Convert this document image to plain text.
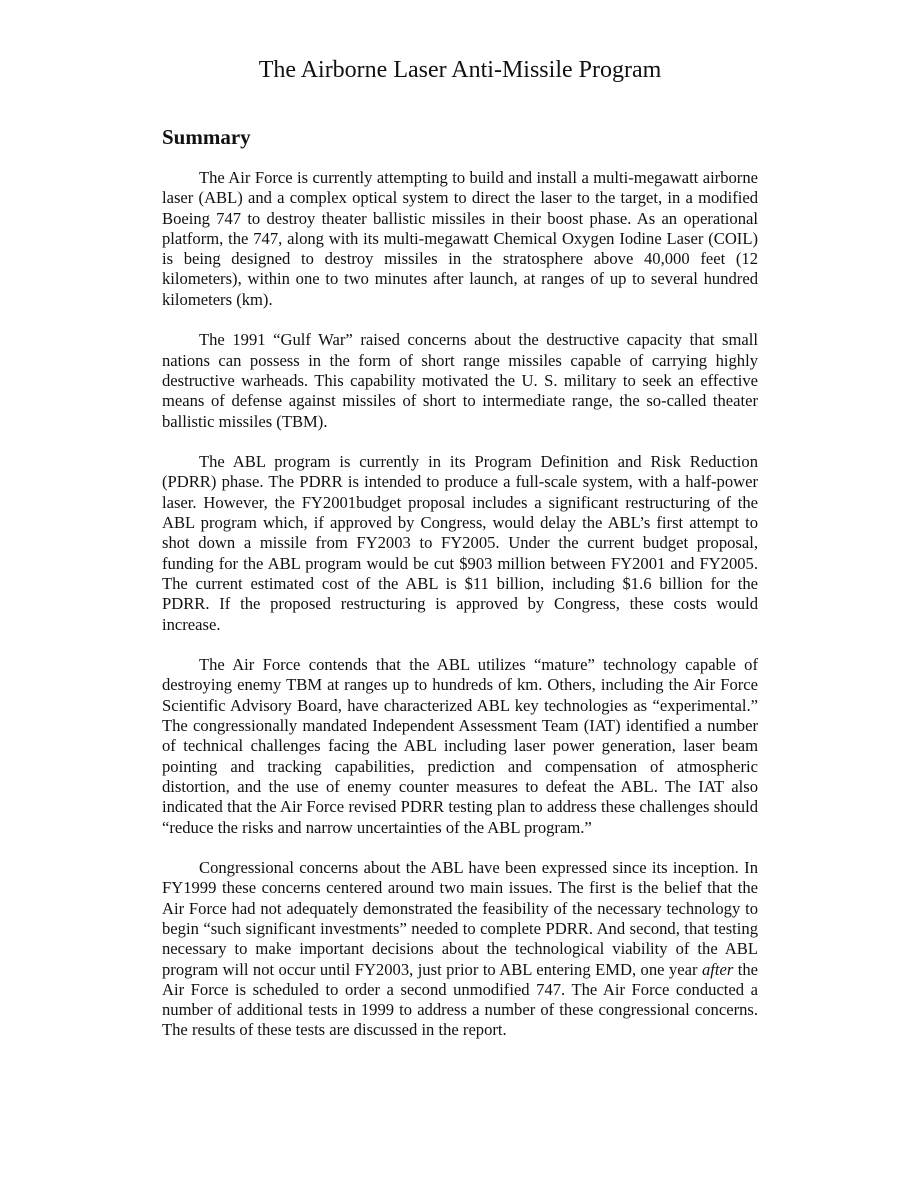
The Airborne Laser Anti-Missile Program
Summary

The Air Force is currently attempting to build and install a multi-megawatt airborne laser (ABL) and a complex optical system to direct the laser to the target, in a modified Boeing 747 to destroy theater ballistic missiles in their boost phase. As an operational platform, the 747, along with its multi-megawatt Chemical Oxygen Iodine Laser (COIL) is being designed to destroy missiles in the stratosphere above 40,000 feet (12 kilometers), within one to two minutes after launch, at ranges of up to several hundred kilometers (km).

The 1991 “Gulf War” raised concerns about the destructive capacity that small nations can possess in the form of short range missiles capable of carrying highly destructive warheads. This capability motivated the U. S. military to seek an effective means of defense against missiles of short to intermediate range, the so-called theater ballistic missiles (TBM).

The ABL program is currently in its Program Definition and Risk Reduction (PDRR) phase. The PDRR is intended to produce a full-scale system, with a half-power laser. However, the FY2001budget proposal includes a significant restructuring of the ABL program which, if approved by Congress, would delay the ABL’s first attempt to shot down a missile from FY2003 to FY2005. Under the current budget proposal, funding for the ABL program would be cut $903 million between FY2001 and FY2005. The current estimated cost of the ABL is $11 billion, including $1.6 billion for the PDRR. If the proposed restructuring is approved by Congress, these costs would increase.

The Air Force contends that the ABL utilizes “mature” technology capable of destroying enemy TBM at ranges up to hundreds of km. Others, including the Air Force Scientific Advisory Board, have characterized ABL key technologies as “experimental.” The congressionally mandated Independent Assessment Team (IAT) identified a number of technical challenges facing the ABL including laser power generation, laser beam pointing and tracking capabilities, prediction and compensation of atmospheric distortion, and the use of enemy counter measures to defeat the ABL. The IAT also indicated that the Air Force revised PDRR testing plan to address these challenges should “reduce the risks and narrow uncertainties of the ABL program.”

Congressional concerns about the ABL have been expressed since its inception. In FY1999 these concerns centered around two main issues. The first is the belief that the Air Force had not adequately demonstrated the feasibility of the necessary technology to begin “such significant investments” needed to complete PDRR. And second, that testing necessary to make important decisions about the technological viability of the ABL program will not occur until FY2003, just prior to ABL entering EMD, one year after the Air Force is scheduled to order a second unmodified 747. The Air Force conducted a number of additional tests in 1999 to address a number of these congressional concerns. The results of these tests are discussed in the report.
